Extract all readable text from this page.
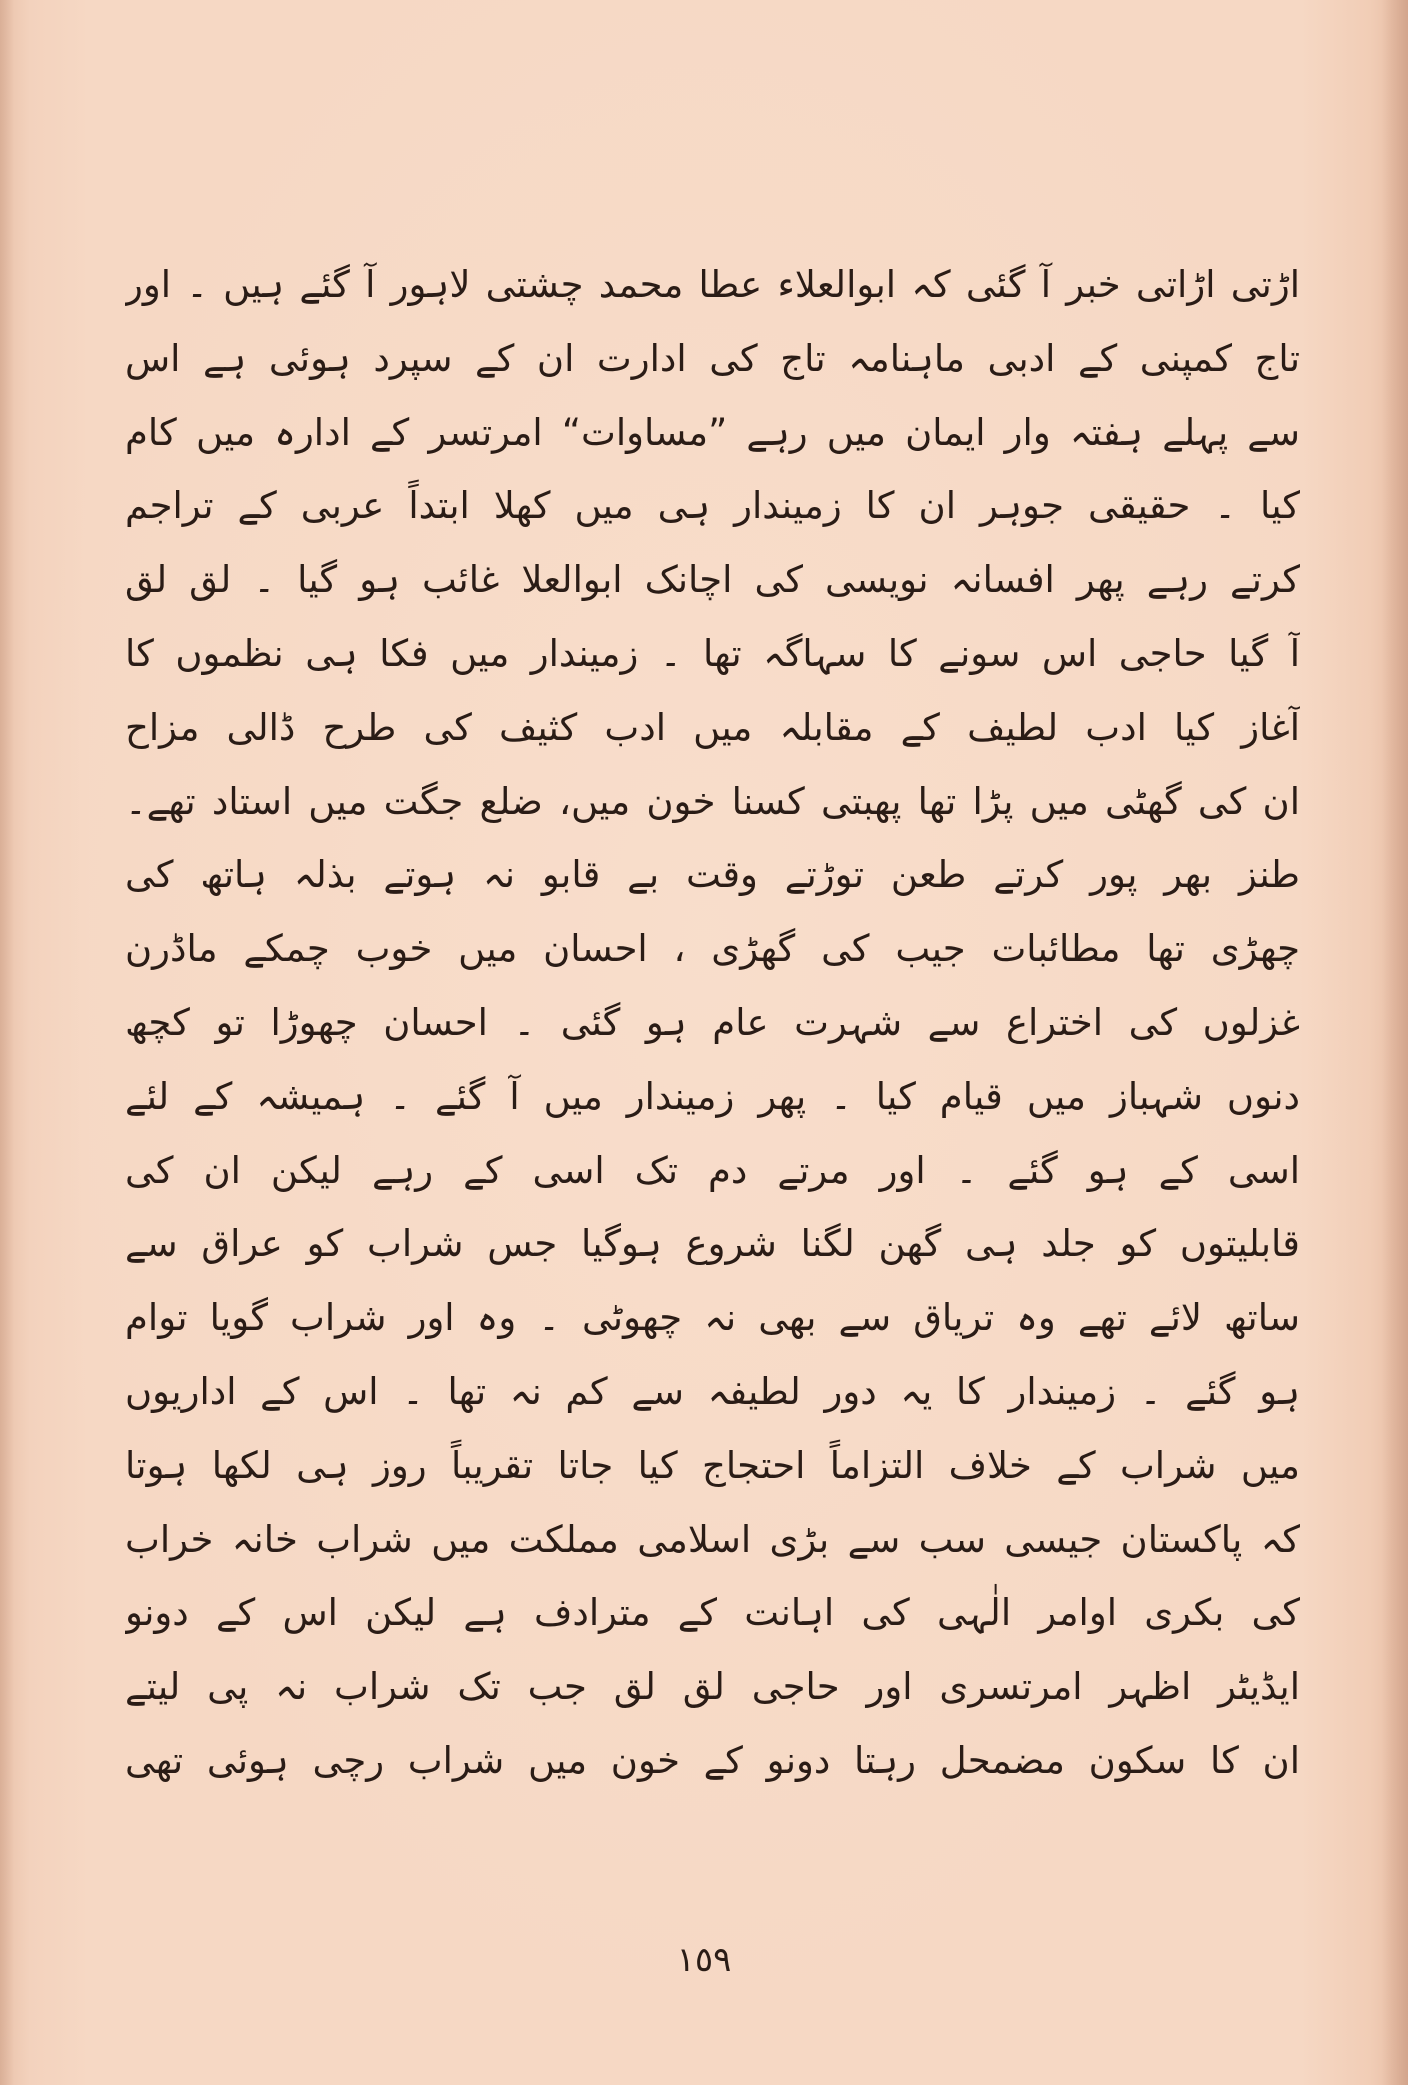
اڑتی اڑاتی خبر آ گئی کہ ابوالعلاء عطا محمد چشتی لاہور آ گئے ہیں ۔ اور
تاج کمپنی کے ادبی ماہنامہ تاج کی ادارت ان کے سپرد ہوئی ہے اس
سے پہلے ہفتہ وار ایمان میں رہے ”مساوات“ امرتسر کے ادارہ میں کام
کیا ۔ حقیقی جوہر ان کا زمیندار ہی میں کھلا ابتداً عربی کے تراجم
کرتے رہے پھر افسانہ نویسی کی اچانک ابوالعلا غائب ہو گیا ۔ لق لق
آ گیا حاجی اس سونے کا سہاگہ تھا ۔ زمیندار میں فکا ہی نظموں کا
آغاز کیا ادب لطیف کے مقابلہ میں ادب کثیف کی طرح ڈالی مزاح
ان کی گھٹی میں پڑا تھا پھبتی کسنا خون میں، ضلع جگت میں استاد تھے۔
طنز بھر پور کرتے طعن توڑتے وقت بے قابو نہ ہوتے بذلہ ہاتھ کی
چھڑی تھا مطائبات جیب کی گھڑی ، احسان میں خوب چمکے ماڈرن
غزلوں کی اختراع سے شہرت عام ہو گئی ۔ احسان چھوڑا تو کچھ
دنوں شہباز میں قیام کیا ۔ پھر زمیندار میں آ گئے ۔ ہمیشہ کے لئے
اسی کے ہو گئے ۔ اور مرتے دم تک اسی کے رہے لیکن ان کی
قابلیتوں کو جلد ہی گھن لگنا شروع ہوگیا جس شراب کو عراق سے
ساتھ لائے تھے وہ تریاق سے بھی نہ چھوٹی ۔ وہ اور شراب گویا توام
ہو گئے ۔ زمیندار کا یہ دور لطیفہ سے کم نہ تھا ۔ اس کے اداریوں
میں شراب کے خلاف التزاماً احتجاج کیا جاتا تقریباً روز ہی لکھا ہوتا
کہ پاکستان جیسی سب سے بڑی اسلامی مملکت میں شراب خانہ خراب
کی بکری اوامر الٰہی کی اہانت کے مترادف ہے لیکن اس کے دونو
ایڈیٹر اظہر امرتسری اور حاجی لق لق جب تک شراب نہ پی لیتے
ان کا سکون مضمحل رہتا دونو کے خون میں شراب رچی ہوئی تھی
١٥٩
